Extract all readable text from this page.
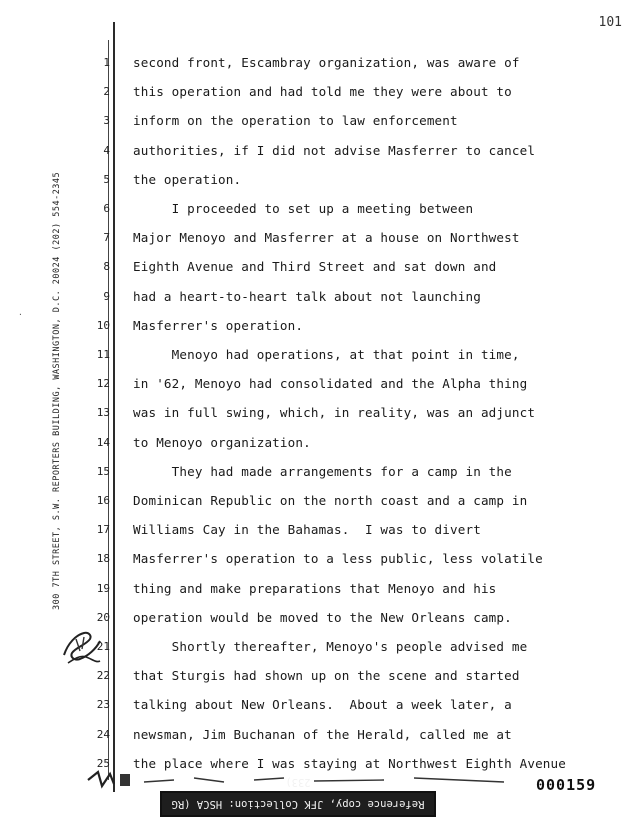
101
300 7TH STREET, S.W. REPORTERS BUILDING, WASHINGTON, D.C. 20024 (202) 554-2345
1
2
3
4
5
6
7
8
9
10
11
12
13
14
15
16
17
18
19
20
21
22
23
24
25
second front, Escambray organization, was aware of
this operation and had told me they were about to
inform on the operation to law enforcement
authorities, if I did not advise Masferrer to cancel
the operation.
I proceeded to set up a meeting between
Major Menoyo and Masferrer at a house on Northwest
Eighth Avenue and Third Street and sat down and
had a heart-to-heart talk about not launching
Masferrer's operation.
Menoyo had operations, at that point in time,
in '62, Menoyo had consolidated and the Alpha thing
was in full swing, which, in reality, was an adjunct
to Menoyo organization.
They had made arrangements for a camp in the
Dominican Republic on the north coast and a camp in
Williams Cay in the Bahamas.  I was to divert
Masferrer's operation to a less public, less volatile
thing and make preparations that Menoyo and his
operation would be moved to the New Orleans camp.
Shortly thereafter, Menoyo's people advised me
that Sturgis had shown up on the scene and started
talking about New Orleans.  About a week later, a
newsman, Jim Buchanan of the Herald, called me at
the place where I was staying at Northwest Eighth Avenue
000159
Reference copy, JFK Collection: HSCA (RG 233)
·
